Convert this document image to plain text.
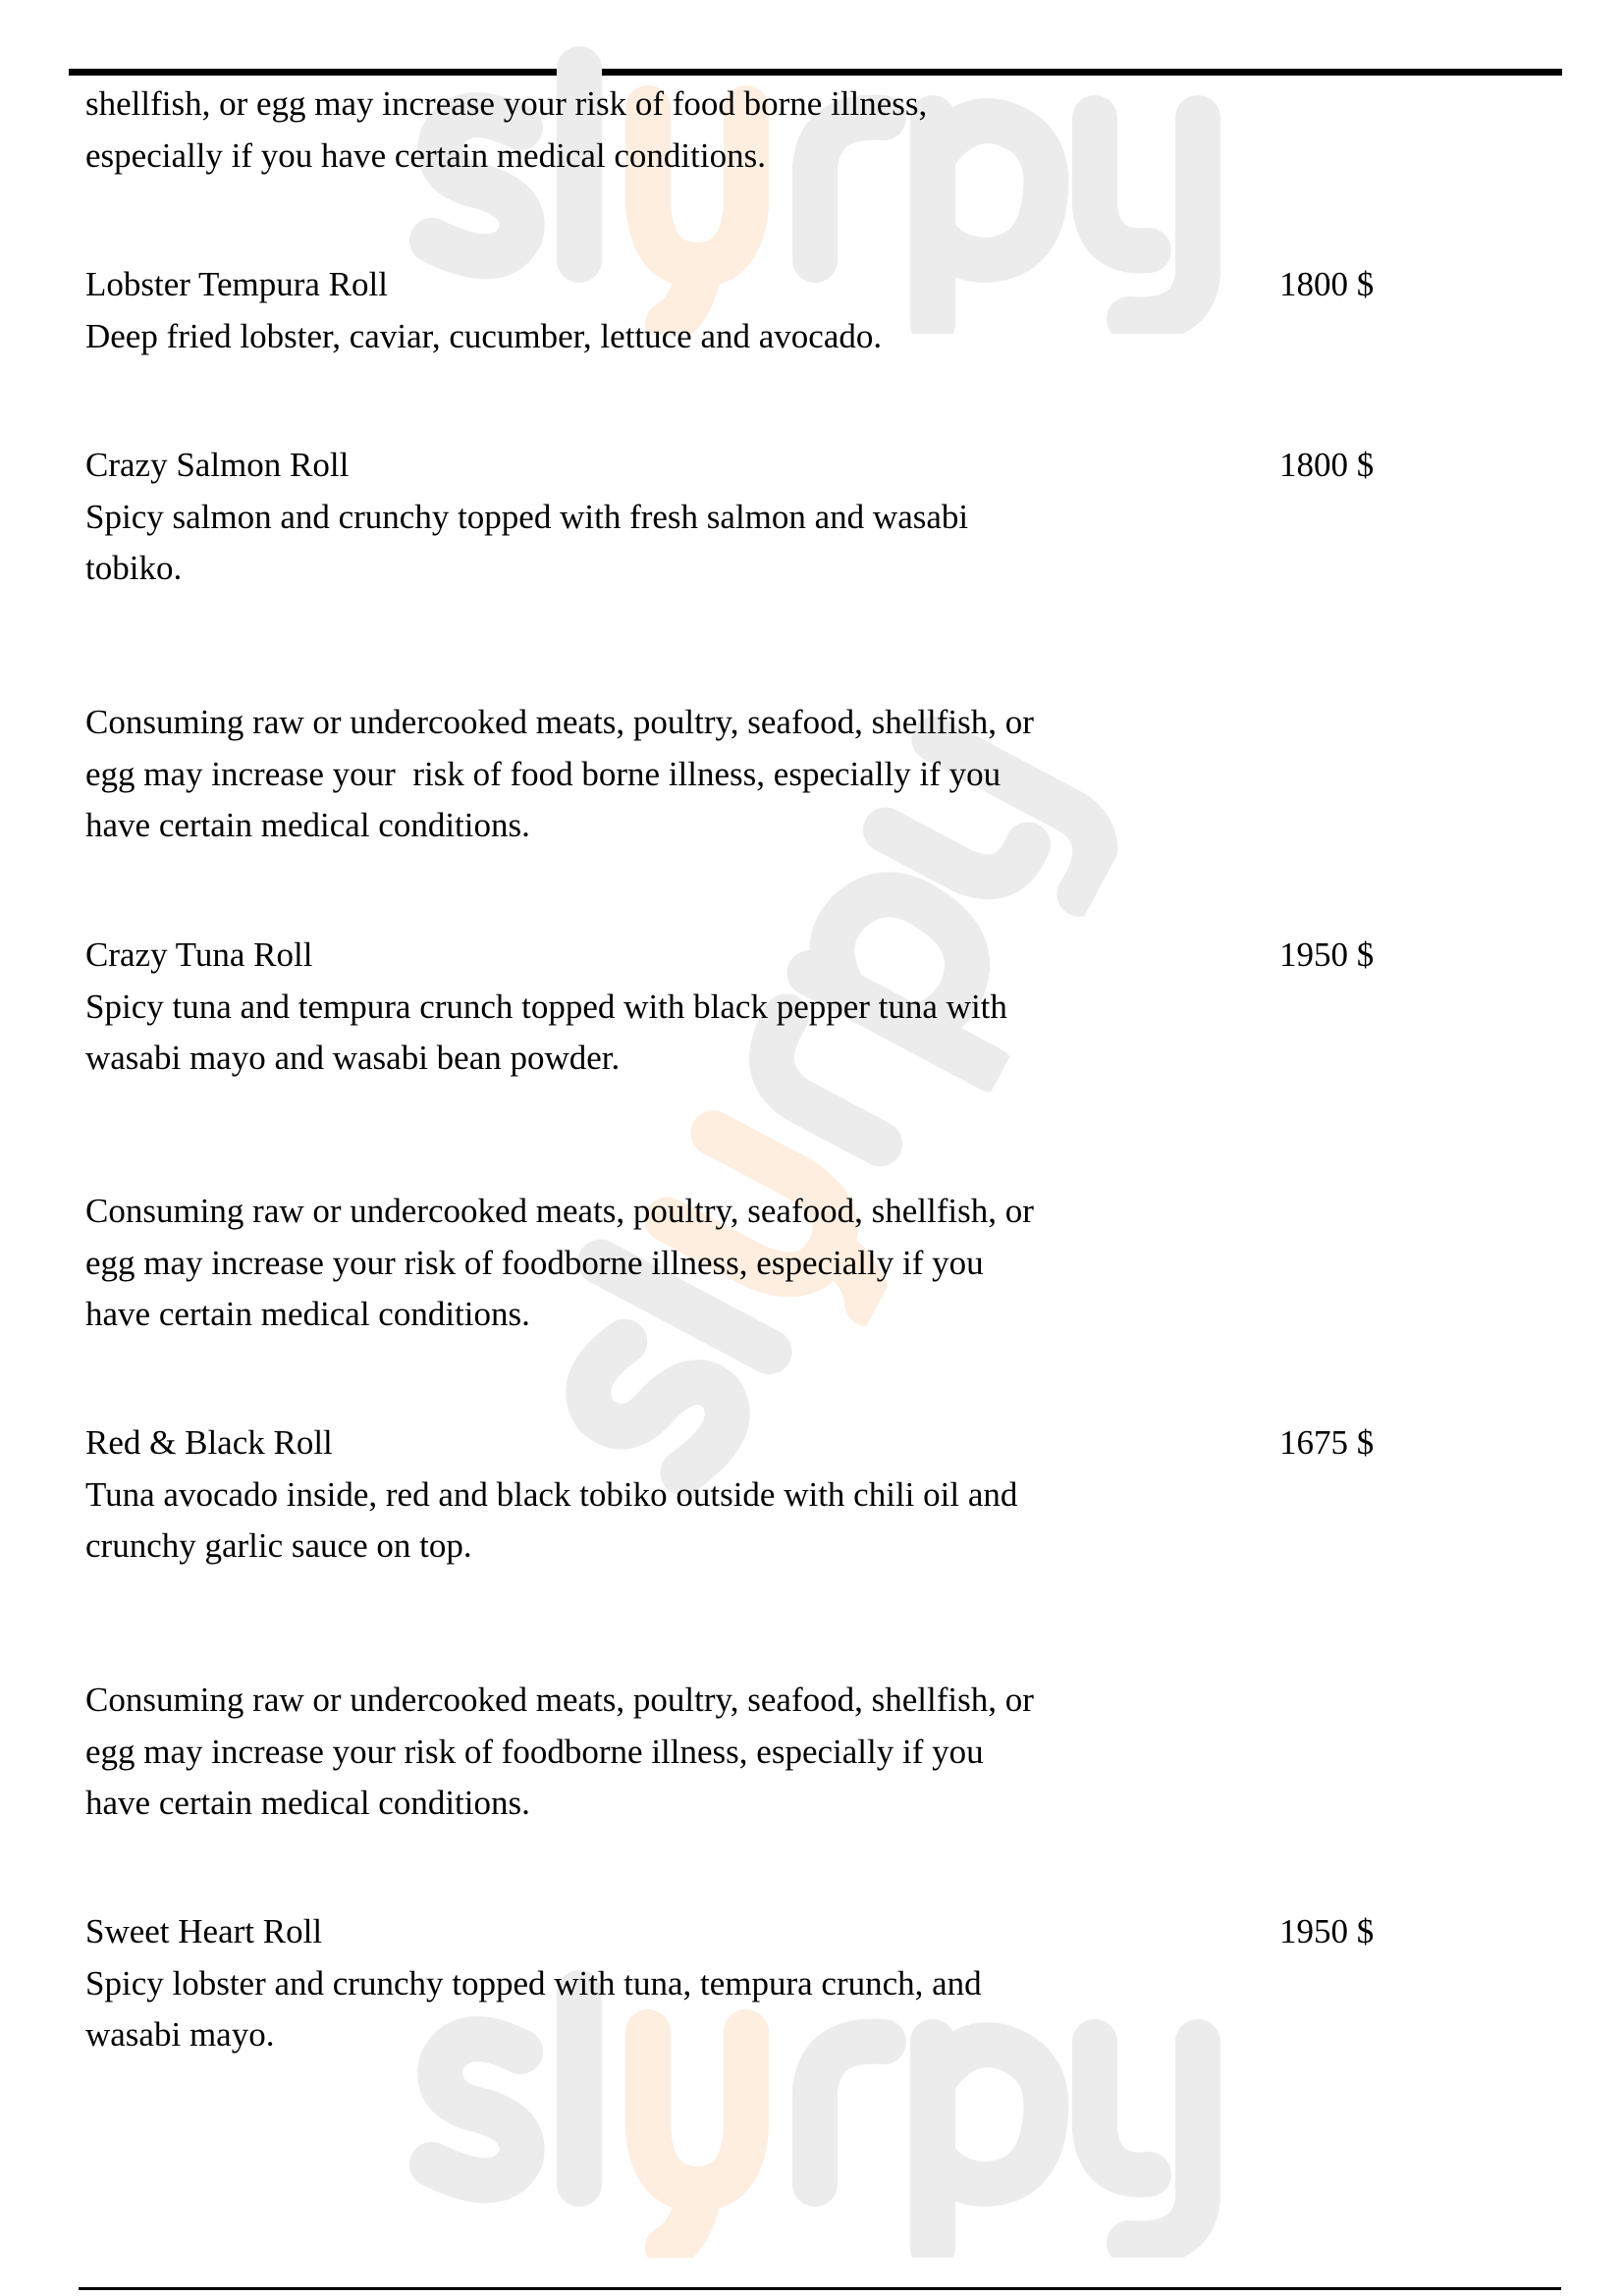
shellfish, or egg may increase your risk of food borne illness,
especially if you have certain medical conditions.
Lobster Tempura Roll
Deep fried lobster, caviar, cucumber, lettuce and avocado.
1800 $
Crazy Salmon Roll
Spicy salmon and crunchy topped with fresh salmon and wasabi
tobiko.
1800 $
Consuming raw or undercooked meats, poultry, seafood, shellfish, or
egg may increase your  risk of food borne illness, especially if you
have certain medical conditions.
Crazy Tuna Roll
Spicy tuna and tempura crunch topped with black pepper tuna with
wasabi mayo and wasabi bean powder.
1950 $
Consuming raw or undercooked meats, poultry, seafood, shellfish, or
egg may increase your risk of foodborne illness, especially if you
have certain medical conditions.
Red & Black Roll
Tuna avocado inside, red and black tobiko outside with chili oil and
crunchy garlic sauce on top.
1675 $
Consuming raw or undercooked meats, poultry, seafood, shellfish, or
egg may increase your risk of foodborne illness, especially if you
have certain medical conditions.
Sweet Heart Roll
Spicy lobster and crunchy topped with tuna, tempura crunch, and
wasabi mayo.
1950 $
